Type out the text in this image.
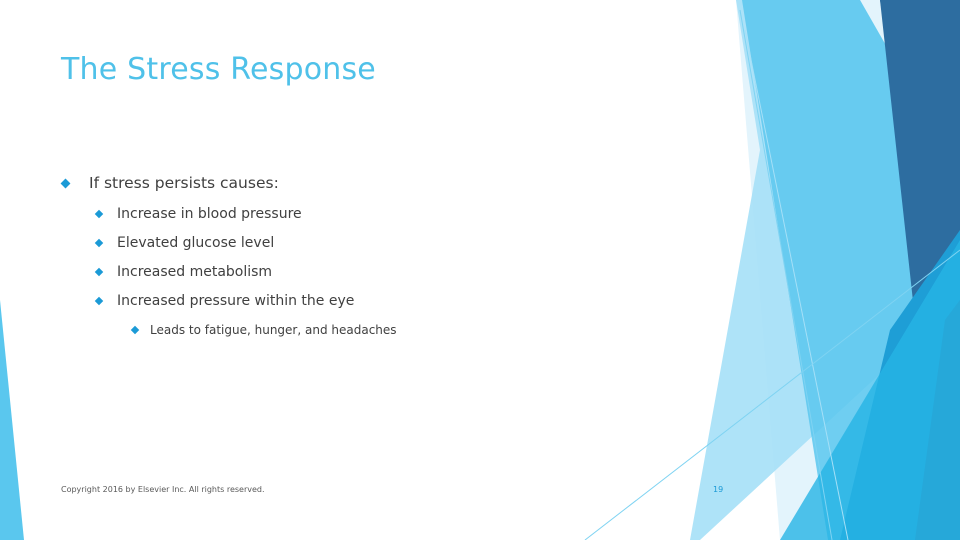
The Stress Response
If stress persists causes:
Increase in blood pressure
Elevated glucose level
Increased metabolism
Increased pressure within the eye
Leads to fatigue, hunger, and headaches
Copyright 2016 by Elsevier Inc. All rights reserved.	19
